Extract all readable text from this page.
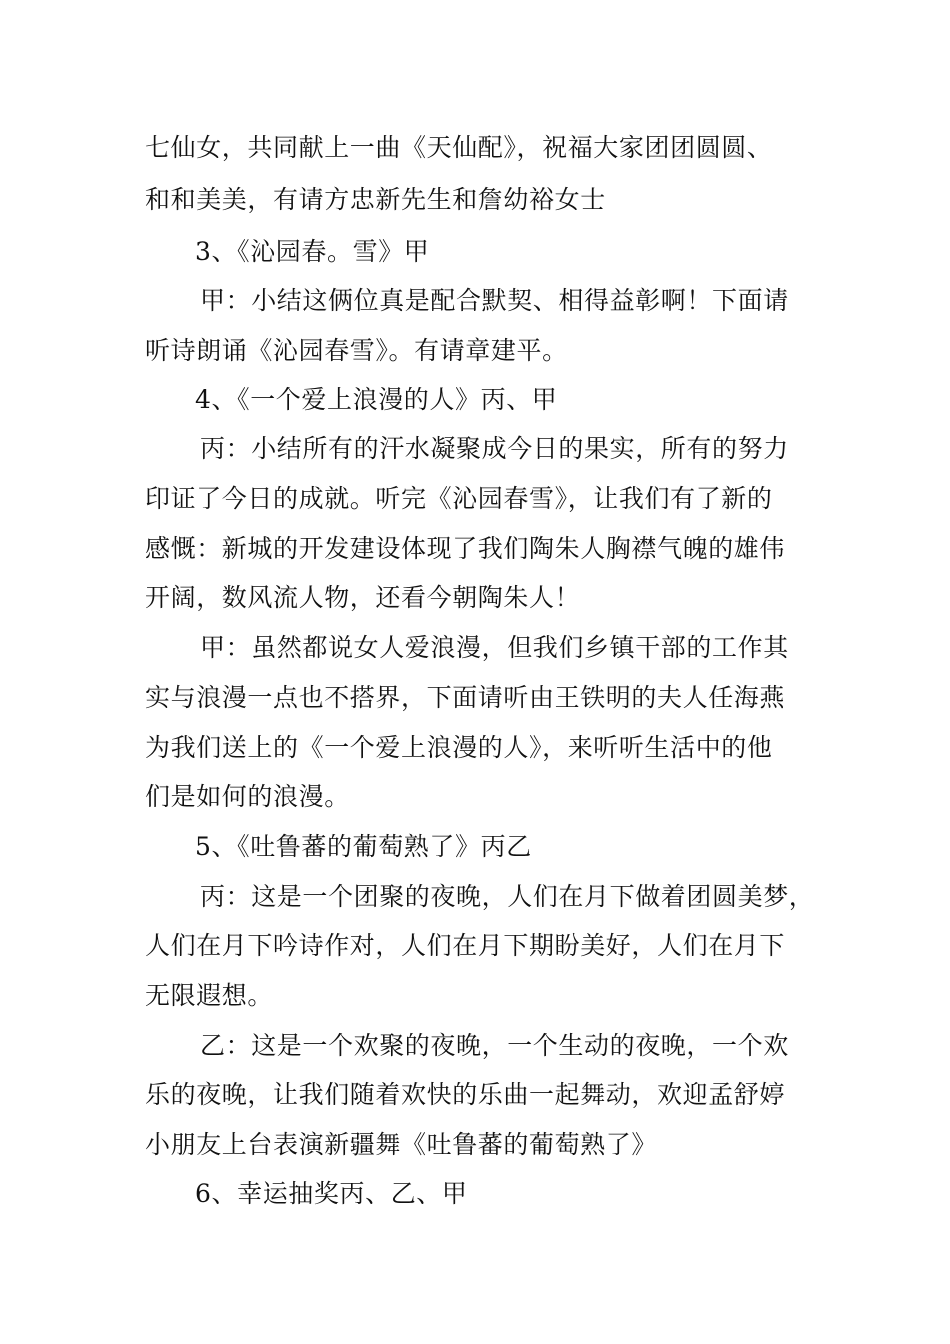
七仙女，共同献上一曲《天仙配》，祝福大家团团圆圆、
和和美美，有请方忠新先生和詹幼裕女士
3、《沁园春。雪》甲
甲：小结这俩位真是配合默契、相得益彰啊！下面请
听诗朗诵《沁园春雪》。有请章建平。
4、《一个爱上浪漫的人》丙、甲
丙：小结所有的汗水凝聚成今日的果实，所有的努力
印证了今日的成就。听完《沁园春雪》，让我们有了新的
感慨：新城的开发建设体现了我们陶朱人胸襟气魄的雄伟
开阔，数风流人物，还看今朝陶朱人！
甲：虽然都说女人爱浪漫，但我们乡镇干部的工作其
实与浪漫一点也不搭界，下面请听由王铁明的夫人任海燕
为我们送上的《一个爱上浪漫的人》，来听听生活中的他
们是如何的浪漫。
5、《吐鲁蕃的葡萄熟了》丙乙
丙：这是一个团聚的夜晚，人们在月下做着团圆美梦，
人们在月下吟诗作对，人们在月下期盼美好，人们在月下
无限遐想。
乙：这是一个欢聚的夜晚，一个生动的夜晚，一个欢
乐的夜晚，让我们随着欢快的乐曲一起舞动，欢迎孟舒婷
小朋友上台表演新疆舞《吐鲁蕃的葡萄熟了》
6、幸运抽奖丙、乙、甲
